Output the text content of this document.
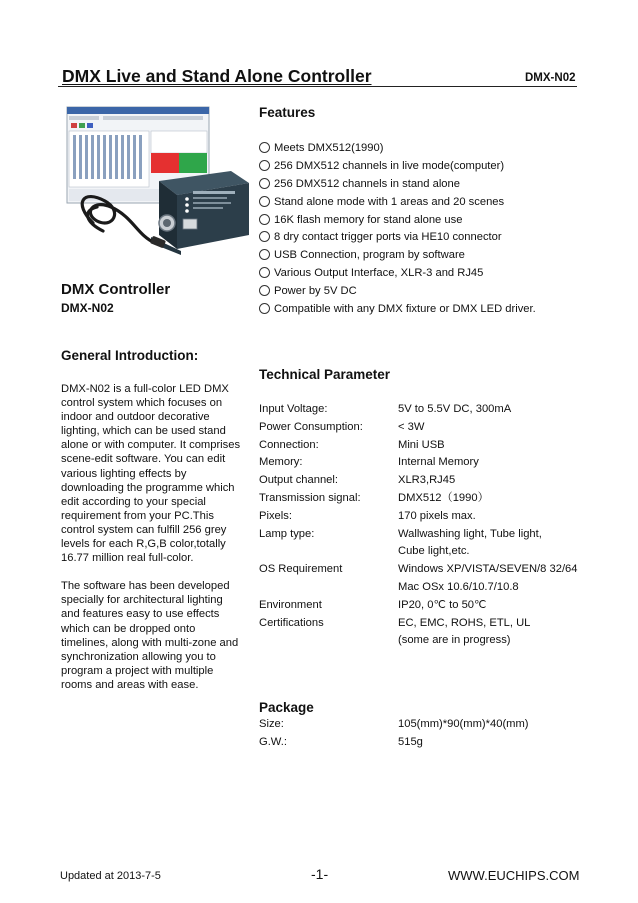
DMX Live and Stand Alone Controller	DMX-N02
DMX Controller
DMX-N02
Features
Meets DMX512(1990)
256 DMX512 channels in live mode(computer)
256 DMX512 channels in stand alone
Stand alone mode with 1 areas and 20 scenes
16K flash memory for stand alone use
8 dry contact trigger ports via HE10 connector
USB Connection, program by software
Various Output Interface, XLR-3 and RJ45
Power by 5V DC
Compatible with any DMX fixture or DMX LED driver.
General Introduction:

DMX-N02 is a full-color LED DMX control system which focuses on indoor and outdoor decorative lighting, which can be used stand alone or with computer. It comprises scene-edit software. You can edit various lighting effects by downloading the programme which edit according to your special requirement from your PC.This control system can fulfill 256 grey levels for each R,G,B color,totally 16.77 million real full-color.

The software has been developed specially for architectural lighting and features easy to use effects which can be dropped onto timelines, along with multi-zone and synchronization allowing you to program a project with multiple rooms and areas with ease.

Technical Parameter
Input Voltage:	5V to 5.5V DC, 300mA
Power Consumption:	< 3W
Connection:	Mini USB
Memory:	Internal Memory
Output channel:	XLR3,RJ45
Transmission signal:	DMX512（1990）
Pixels:	170 pixels max.
Lamp type:	Wallwashing light, Tube light,
Cube light,etc.
OS Requirement	Windows XP/VISTA/SEVEN/8 32/64
Mac OSx 10.6/10.7/10.8
Environment	IP20, 0℃ to 50℃
Certifications	EC, EMC, ROHS, ETL, UL
(some are in progress)
Package
Size:	105(mm)*90(mm)*40(mm)
G.W.:	515g
Updated at 2013-7-5	-1-	WWW.EUCHIPS.COM
